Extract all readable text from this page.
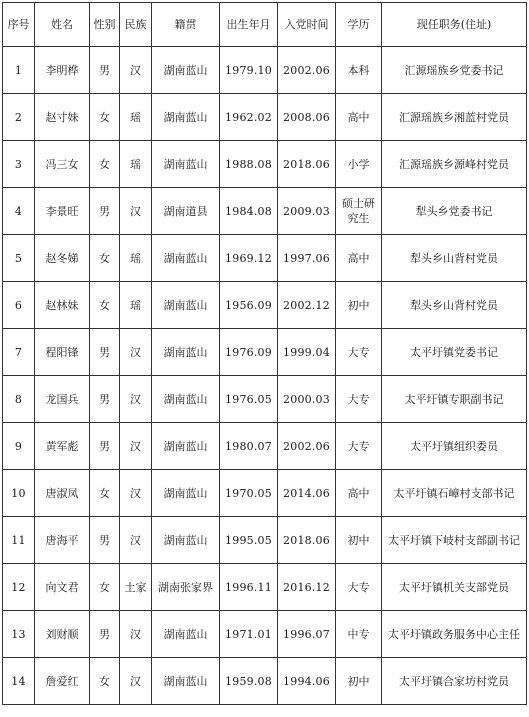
序号	姓名	性别	民族	籍贯	出生年月	入党时间	学历	现任职务(住址)
1	李明桦	男	汉	湖南蓝山	1979.10	2002.06	本科	汇源瑶族乡党委书记
2	赵寸妹	女	瑶	湖南蓝山	1962.02	2008.06	高中	汇源瑶族乡湘蓝村党员
3	冯三女	女	瑶	湖南蓝山	1988.08	2018.06	小学	汇源瑶族乡源峰村党员
4	李景旺	男	汉	湖南道县	1984.08	2009.03	硕士研究生	犁头乡党委书记
5	赵冬娣	女	瑶	湖南蓝山	1969.12	1997.06	高中	犁头乡山背村党员
6	赵林妹	女	瑶	湖南蓝山	1956.09	2002.12	初中	犁头乡山背村党员
7	程阳锋	男	汉	湖南蓝山	1976.09	1999.04	大专	太平圩镇党委书记
8	龙国兵	男	汉	湖南蓝山	1976.05	2000.03	大专	太平圩镇专职副书记
9	黄军彪	男	汉	湖南蓝山	1980.07	2002.06	大专	太平圩镇组织委员
10	唐淑凤	女	汉	湖南蓝山	1970.05	2014.06	高中	太平圩镇石嶂村支部书记
11	唐海平	男	汉	湖南蓝山	1995.05	2018.06	初中	太平圩镇下岐村支部副书记
12	向文君	女	土家	湖南张家界	1996.11	2016.12	大专	太平圩镇机关支部党员
13	刘财顺	男	汉	湖南蓝山	1971.01	1996.07	中专	太平圩镇政务服务中心主任
14	詹爱红	女	汉	湖南蓝山	1959.08	1994.06	初中	太平圩镇合家坊村党员
